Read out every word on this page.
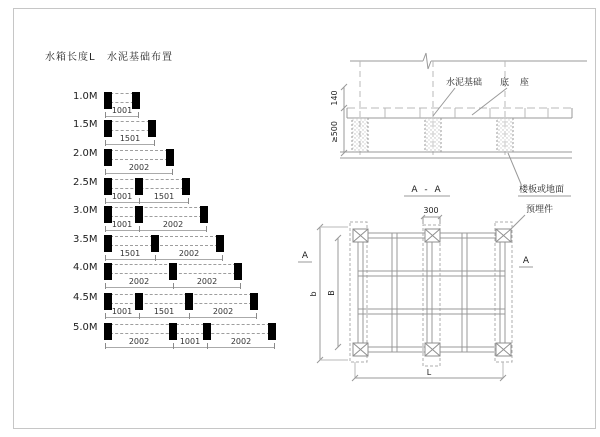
水箱长度L 水泥基础布置
1.0M
1001
1.5M
1501
2.0M
2002
2.5M
1001	1501
3.0M
1001	2002
3.5M
1501	2002
4.0M
2002	2002
4.5M
1001	1501	2002
5.0M
2002	1001	2002
140
≥500
水泥基础 底 座
A - A	楼板或地面
预埋件
300
b B
L
A	A
